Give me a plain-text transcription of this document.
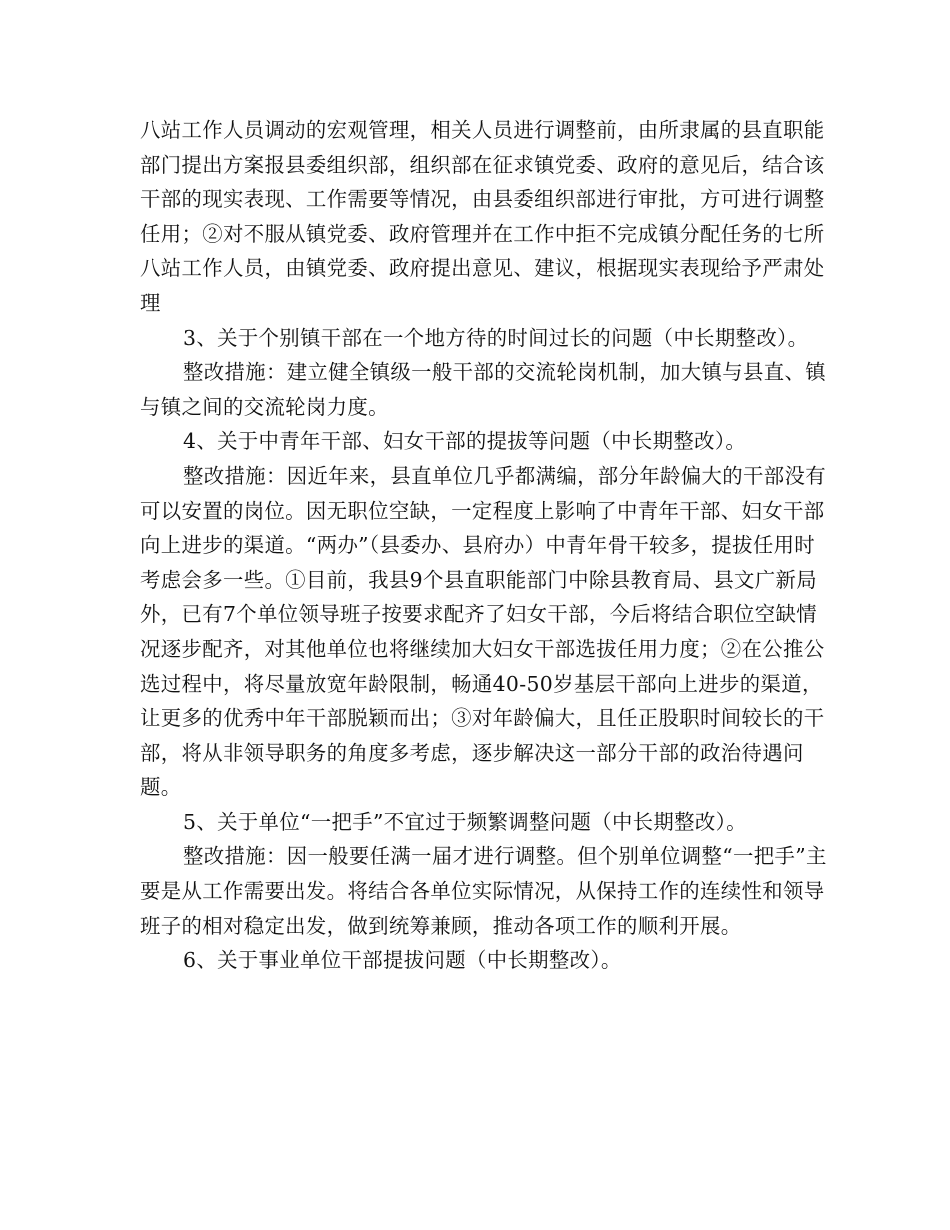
八站工作人员调动的宏观管理，相关人员进行调整前，由所隶属的县直职能部门提出方案报县委组织部，组织部在征求镇党委、政府的意见后，结合该干部的现实表现、工作需要等情况，由县委组织部进行审批，方可进行调整任用；②对不服从镇党委、政府管理并在工作中拒不完成镇分配任务的七所八站工作人员，由镇党委、政府提出意见、建议，根据现实表现给予严肃处理

3、关于个别镇干部在一个地方待的时间过长的问题（中长期整改）。

整改措施：建立健全镇级一般干部的交流轮岗机制，加大镇与县直、镇与镇之间的交流轮岗力度。

4、关于中青年干部、妇女干部的提拔等问题（中长期整改）。

整改措施：因近年来，县直单位几乎都满编，部分年龄偏大的干部没有可以安置的岗位。因无职位空缺，一定程度上影响了中青年干部、妇女干部向上进步的渠道。“两办”（县委办、县府办）中青年骨干较多，提拔任用时考虑会多一些。①目前，我县9个县直职能部门中除县教育局、县文广新局外，已有7个单位领导班子按要求配齐了妇女干部，今后将结合职位空缺情况逐步配齐，对其他单位也将继续加大妇女干部选拔任用力度；②在公推公选过程中，将尽量放宽年龄限制，畅通40-50岁基层干部向上进步的渠道，让更多的优秀中年干部脱颖而出；③对年龄偏大，且任正股职时间较长的干部，将从非领导职务的角度多考虑，逐步解决这一部分干部的政治待遇问题。

5、关于单位“一把手”不宜过于频繁调整问题（中长期整改）。

整改措施：因一般要任满一届才进行调整。但个别单位调整“一把手”主要是从工作需要出发。将结合各单位实际情况，从保持工作的连续性和领导班子的相对稳定出发，做到统筹兼顾，推动各项工作的顺利开展。

6、关于事业单位干部提拔问题（中长期整改）。
